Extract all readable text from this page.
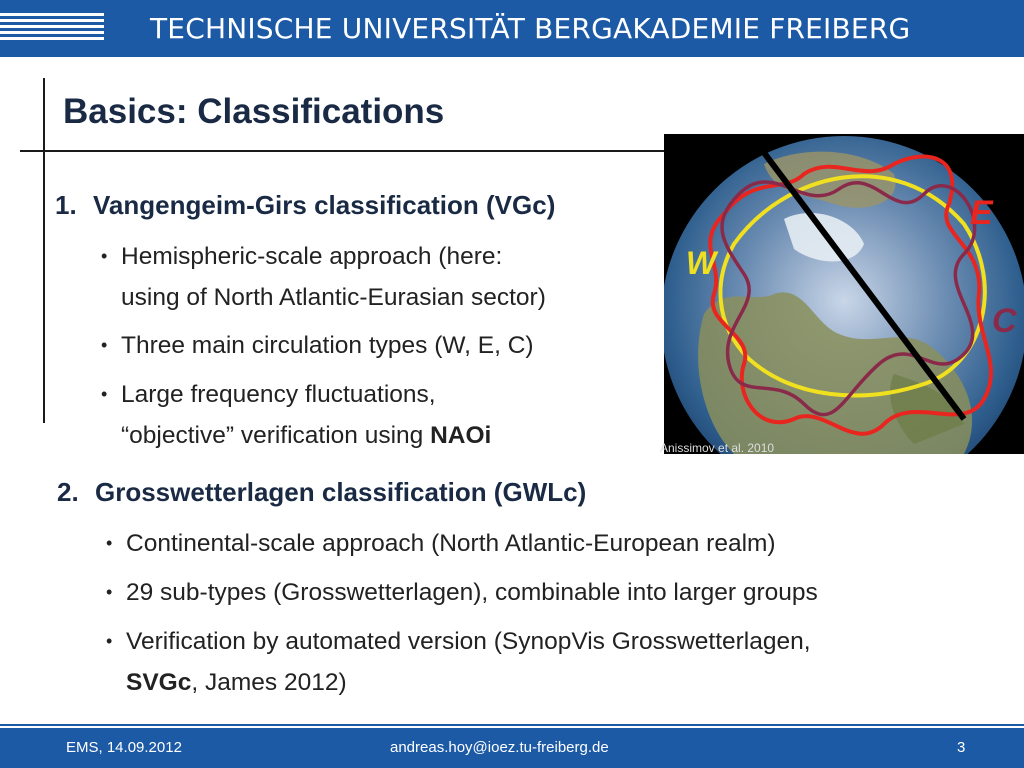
TECHNISCHE UNIVERSITÄT BERGAKADEMIE FREIBERG
Basics: Classifications
1. Vangengeim-Girs classification (VGc)
• Hemispheric-scale approach (here:
using of North Atlantic-Eurasian sector)
• Three main circulation types (W, E, C)
• Large frequency fluctuations,
“objective” verification using NAOi
W
E
C
Anissimov et al. 2010
2. Grosswetterlagen classification (GWLc)
• Continental-scale approach (North Atlantic-European realm)
• 29 sub-types (Grosswetterlagen), combinable into larger groups
• Verification by automated version (SynopVis Grosswetterlagen,
SVGc, James 2012)
EMS, 14.09.2012	andreas.hoy@ioez.tu-freiberg.de	3
